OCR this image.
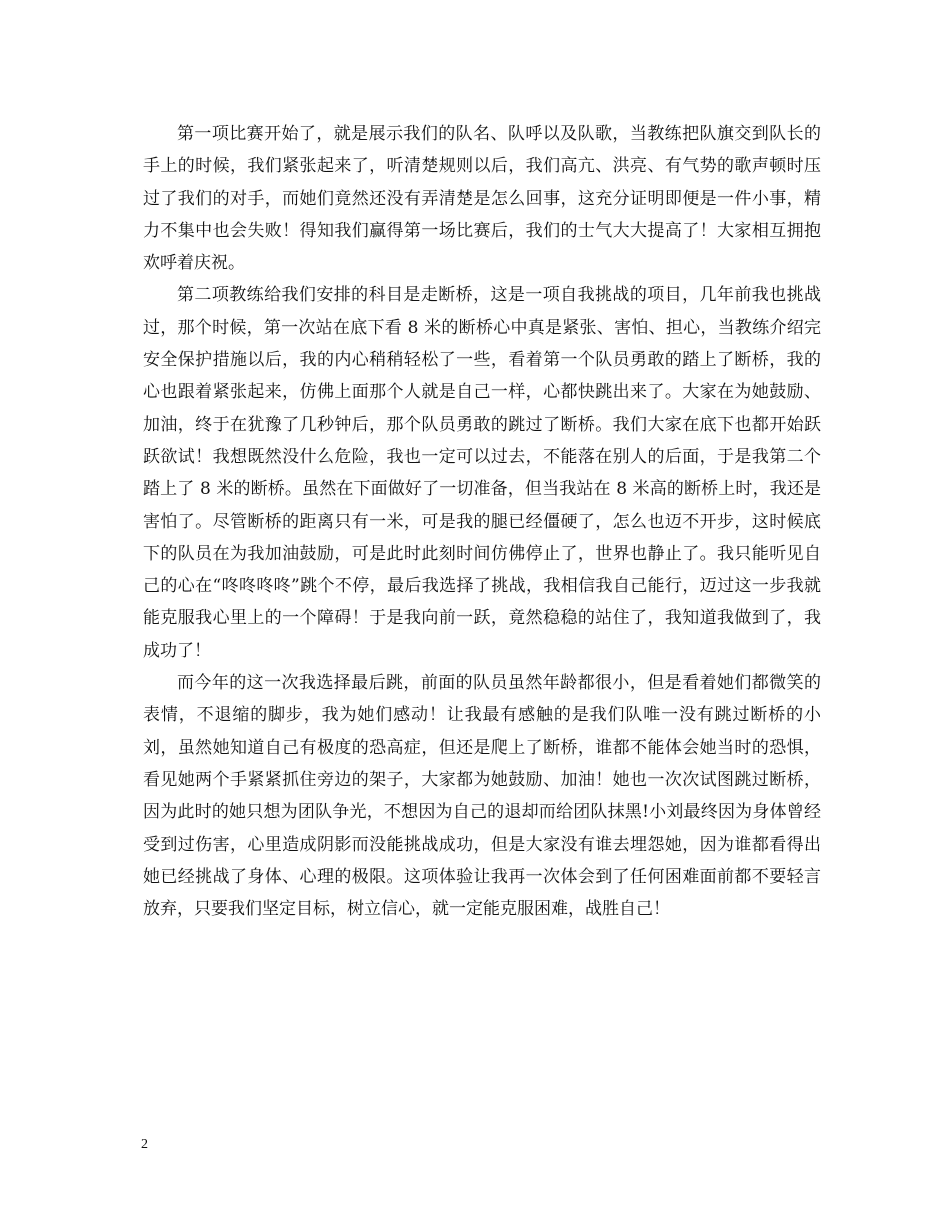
第一项比赛开始了，就是展示我们的队名、队呼以及队歌，当教练把队旗交到队长的手上的时候，我们紧张起来了，听清楚规则以后，我们高亢、洪亮、有气势的歌声顿时压过了我们的对手，而她们竟然还没有弄清楚是怎么回事，这充分证明即便是一件小事，精力不集中也会失败！得知我们赢得第一场比赛后，我们的士气大大提高了！大家相互拥抱欢呼着庆祝。

第二项教练给我们安排的科目是走断桥，这是一项自我挑战的项目，几年前我也挑战过，那个时候，第一次站在底下看 8 米的断桥心中真是紧张、害怕、担心，当教练介绍完安全保护措施以后，我的内心稍稍轻松了一些，看着第一个队员勇敢的踏上了断桥，我的心也跟着紧张起来，仿佛上面那个人就是自己一样，心都快跳出来了。大家在为她鼓励、加油，终于在犹豫了几秒钟后，那个队员勇敢的跳过了断桥。我们大家在底下也都开始跃跃欲试！我想既然没什么危险，我也一定可以过去，不能落在别人的后面，于是我第二个踏上了 8 米的断桥。虽然在下面做好了一切准备，但当我站在 8 米高的断桥上时，我还是害怕了。尽管断桥的距离只有一米，可是我的腿已经僵硬了，怎么也迈不开步，这时候底下的队员在为我加油鼓励，可是此时此刻时间仿佛停止了，世界也静止了。我只能听见自己的心在“咚咚咚咚”跳个不停，最后我选择了挑战，我相信我自己能行，迈过这一步我就能克服我心里上的一个障碍！于是我向前一跃，竟然稳稳的站住了，我知道我做到了，我成功了！

而今年的这一次我选择最后跳，前面的队员虽然年龄都很小，但是看着她们都微笑的表情，不退缩的脚步，我为她们感动！让我最有感触的是我们队唯一没有跳过断桥的小刘，虽然她知道自己有极度的恐高症，但还是爬上了断桥，谁都不能体会她当时的恐惧，看见她两个手紧紧抓住旁边的架子，大家都为她鼓励、加油！她也一次次试图跳过断桥，因为此时的她只想为团队争光，不想因为自己的退却而给团队抹黑!小刘最终因为身体曾经受到过伤害，心里造成阴影而没能挑战成功，但是大家没有谁去埋怨她，因为谁都看得出她已经挑战了身体、心理的极限。这项体验让我再一次体会到了任何困难面前都不要轻言放弃，只要我们坚定目标，树立信心，就一定能克服困难，战胜自己！

2
